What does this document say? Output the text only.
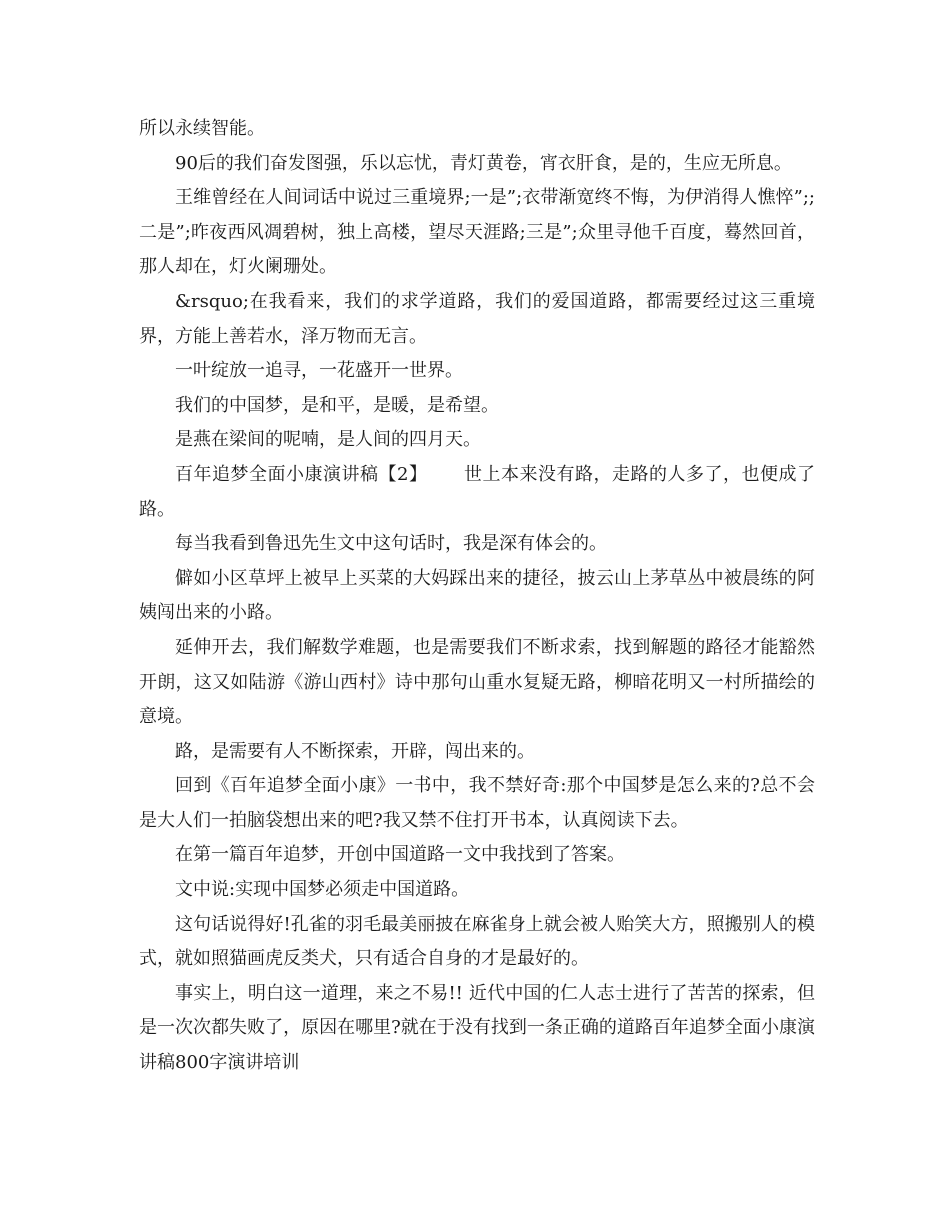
所以永续智能。

90后的我们奋发图强，乐以忘忧，青灯黄卷，宵衣肝食，是的，生应无所息。

王维曾经在人间词话中说过三重境界;一是”;衣带渐宽终不悔，为伊消得人憔悴”;;二是”;昨夜西风凋碧树，独上高楼，望尽天涯路;三是”;众里寻他千百度，蓦然回首，那人却在，灯火阑珊处。

&rsquo;在我看来，我们的求学道路，我们的爱国道路，都需要经过这三重境界，方能上善若水，泽万物而无言。

一叶绽放一追寻，一花盛开一世界。

我们的中国梦，是和平，是暖，是希望。

是燕在梁间的呢喃，是人间的四月天。

百年追梦全面小康演讲稿【2】 世上本来没有路，走路的人多了，也便成了路。

每当我看到鲁迅先生文中这句话时，我是深有体会的。

僻如小区草坪上被早上买菜的大妈踩出来的捷径，披云山上茅草丛中被晨练的阿姨闯出来的小路。

延伸开去，我们解数学难题，也是需要我们不断求索，找到解题的路径才能豁然开朗，这又如陆游《游山西村》诗中那句山重水复疑无路，柳暗花明又一村所描绘的意境。

路，是需要有人不断探索，开辟，闯出来的。

回到《百年追梦全面小康》一书中，我不禁好奇:那个中国梦是怎么来的?总不会是大人们一拍脑袋想出来的吧?我又禁不住打开书本，认真阅读下去。

在第一篇百年追梦，开创中国道路一文中我找到了答案。

文中说:实现中国梦必须走中国道路。

这句话说得好!孔雀的羽毛最美丽披在麻雀身上就会被人贻笑大方，照搬别人的模式，就如照猫画虎反类犬，只有适合自身的才是最好的。

事实上，明白这一道理，来之不易!! 近代中国的仁人志士进行了苦苦的探索，但是一次次都失败了，原因在哪里?就在于没有找到一条正确的道路百年追梦全面小康演讲稿800字演讲培训
